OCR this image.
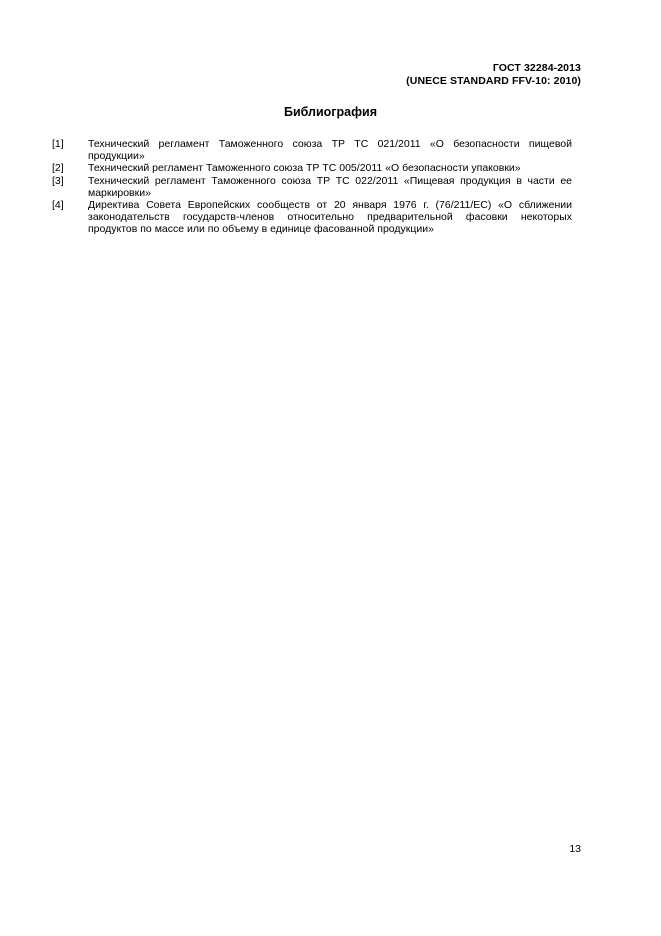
ГОСТ 32284-2013
(UNECE STANDARD FFV-10: 2010)
Библиография
[1]	Технический регламент Таможенного союза ТР ТС 021/2011 «О безопасности пищевой продукции»
[2]	Технический регламент Таможенного союза ТР ТС 005/2011 «О безопасности упаковки»
[3]	Технический регламент Таможенного союза ТР ТС 022/2011 «Пищевая продукция в части ее маркировки»
[4]	Директива Совета Европейских сообществ от 20 января 1976 г. (76/211/ЕС) «О сближении законодательств государств-членов относительно предварительной фасовки некоторых продуктов по массе или по объему в единице фасованной продукции»
13
